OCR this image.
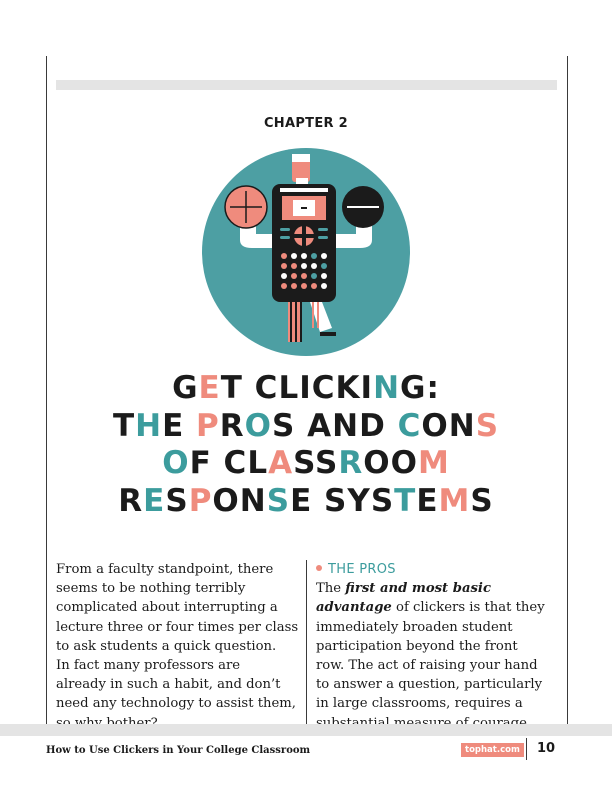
CHAPTER 2
GET CLICKING:
THE PROS AND CONS
OF CLASSROOM
RESPONSE SYSTEMS
From a faculty standpoint, there
seems to be nothing terribly
complicated about interrupting a
lecture three or four times per class
to ask students a quick question.
In fact many professors are
already in such a habit, and don’t
need any technology to assist them,
THE PROS
The first and most basic
advantage of clickers is that they
immediately broaden student
participation beyond the front
row. The act of raising your hand
to answer a question, particularly
in large classrooms, requires a
How to Use Clickers in Your College Classroom	tophat.com	10
